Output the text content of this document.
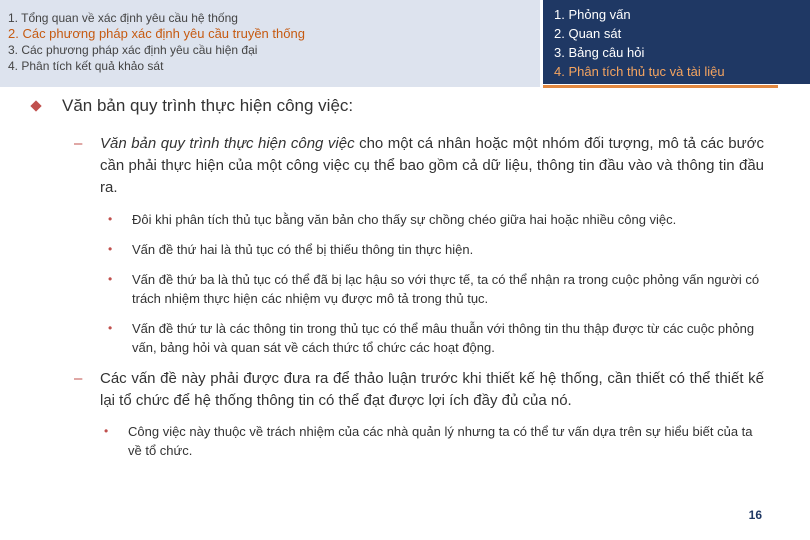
1. Tổng quan về xác định yêu cầu hệ thống
2. Các phương pháp xác định yêu cầu truyền thống
3. Các phương pháp xác định yêu cầu hiện đại
4. Phân tích kết quả khảo sát
1. Phỏng vấn
2. Quan sát
3. Bảng câu hỏi
4. Phân tích thủ tục và tài liệu
Văn bản quy trình thực hiện công việc:
–	Văn bản quy trình thực hiện công việc cho một cá nhân hoặc một nhóm đối tượng, mô tả các bước cần phải thực hiện của một công việc cụ thể bao gồm cả dữ liệu, thông tin đầu vào và thông tin đầu ra.
•	Đôi khi phân tích thủ tục bằng văn bản cho thấy sự chồng chéo giữa hai hoặc nhiều công việc.
•	Vấn đề thứ hai là thủ tục có thể bị thiếu thông tin thực hiện.
•	Vấn đề thứ ba là thủ tục có thể đã bị lạc hậu so với thực tế, ta có thể nhận ra trong cuộc phỏng vấn người có trách nhiệm thực hiện các nhiệm vụ được mô tả trong thủ tục.
•	Vấn đề thứ tư là các thông tin trong thủ tục có thể mâu thuẫn với thông tin thu thập được từ các cuộc phỏng vấn, bảng hỏi và quan sát về cách thức tổ chức các hoạt động.
–	Các vấn đề này phải được đưa ra để thảo luận trước khi thiết kế hệ thống, cần thiết có thể thiết kế lại tổ chức để hệ thống thông tin có thể đạt được lợi ích đầy đủ của nó.
•	Công việc này thuộc về trách nhiệm của các nhà quản lý nhưng ta có thể tư vấn dựa trên sự hiểu biết của ta về tổ chức.
16
